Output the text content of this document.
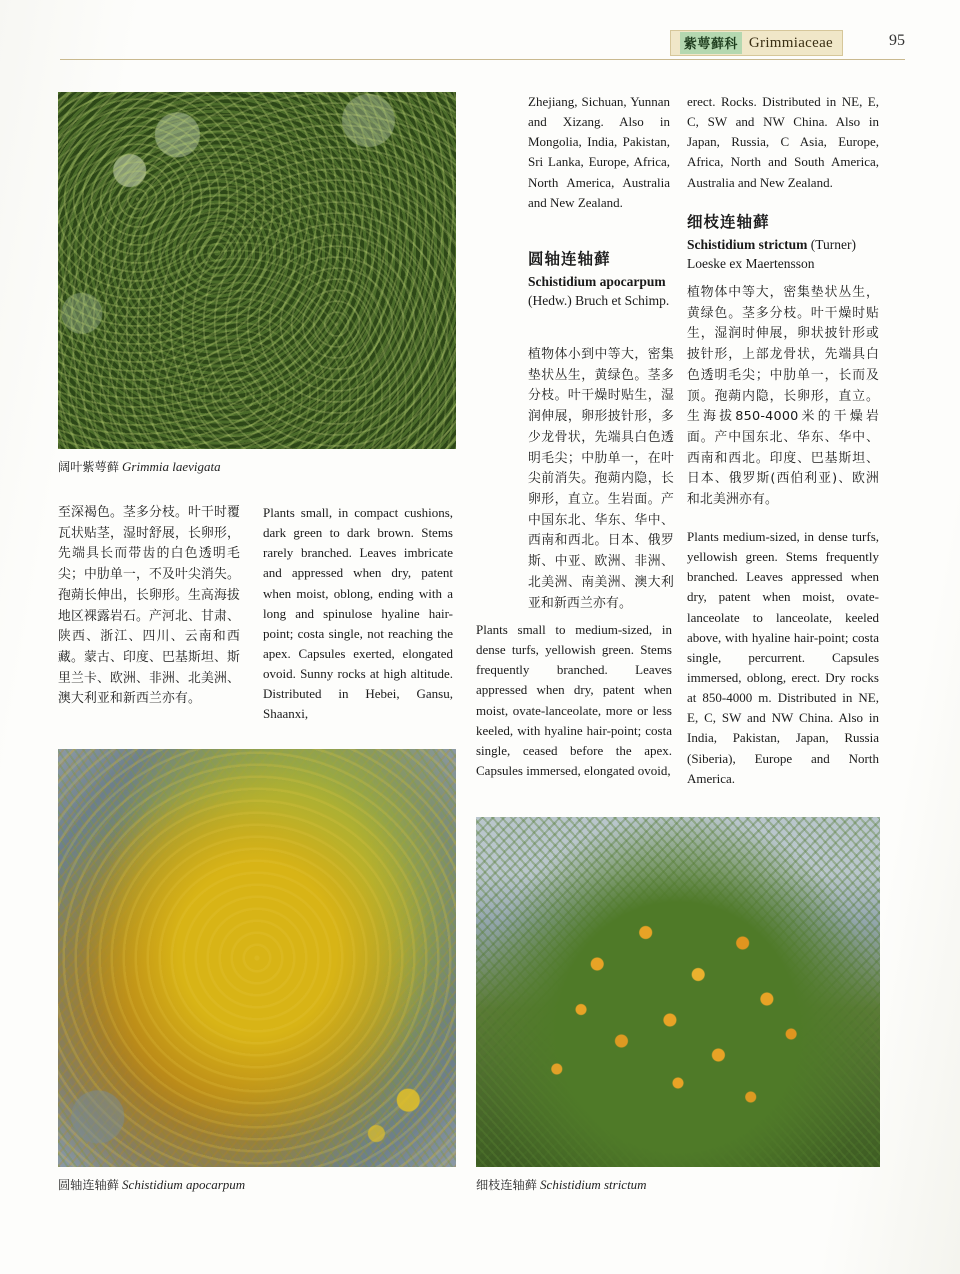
紫萼藓科 Grimmiaceae	95
阔叶紫萼藓 Grimmia laevigata
至深褐色。茎多分枝。叶干时覆瓦状贴茎，湿时舒展，长卵形，先端具长而带齿的白色透明毛尖；中肋单一，不及叶尖消失。孢蒴长伸出，长卵形。生高海拔地区裸露岩石。产河北、甘肃、陕西、浙江、四川、云南和西藏。蒙古、印度、巴基斯坦、斯里兰卡、欧洲、非洲、北美洲、澳大利亚和新西兰亦有。
Plants small, in compact cushions, dark green to dark brown. Stems rarely branched. Leaves imbricate and appressed when dry, patent when moist, oblong, ending with a long and spinulose hyaline hair-point; costa single, not reaching the apex. Capsules exerted, elongated ovoid. Sunny rocks at high altitude. Distributed in Hebei, Gansu, Shaanxi,
Zhejiang, Sichuan, Yunnan and Xizang. Also in Mongolia, India, Pakistan, Sri Lanka, Europe, Africa, North America, Australia and New Zealand.
圆轴连轴藓
Schistidium apocarpum (Hedw.) Bruch et Schimp.
植物体小到中等大，密集垫状丛生，黄绿色。茎多分枝。叶干燥时贴生，湿润伸展，卵形披针形，多少龙骨状，先端具白色透明毛尖；中肋单一，在叶尖前消失。孢蒴内隐，长卵形，直立。生岩面。产中国东北、华东、华中、西南和西北。日本、俄罗斯、中亚、欧洲、非洲、北美洲、南美洲、澳大利亚和新西兰亦有。
Plants small to medium-sized, in dense turfs, yellowish green. Stems frequently branched. Leaves appressed when dry, patent when moist, ovate-lanceolate, more or less keeled, with hyaline hair-point; costa single, ceased before the apex. Capsules immersed, elongated ovoid,
erect. Rocks. Distributed in NE, E, C, SW and NW China. Also in Japan, Russia, C Asia, Europe, Africa, North and South America, Australia and New Zealand.
细枝连轴藓
Schistidium strictum (Turner) Loeske ex Maertensson
植物体中等大，密集垫状丛生，黄绿色。茎多分枝。叶干燥时贴生，湿润时伸展，卵状披针形或披针形，上部龙骨状，先端具白色透明毛尖；中肋单一，长而及顶。孢蒴内隐，长卵形，直立。生海拔850-4000米的干燥岩面。产中国东北、华东、华中、西南和西北。印度、巴基斯坦、日本、俄罗斯(西伯利亚)、欧洲和北美洲亦有。
Plants medium-sized, in dense turfs, yellowish green. Stems frequently branched. Leaves appressed when dry, patent when moist, ovate-lanceolate to lanceolate, keeled above, with hyaline hair-point; costa single, percurrent. Capsules immersed, oblong, erect. Dry rocks at 850-4000 m. Distributed in NE, E, C, SW and NW China. Also in India, Pakistan, Japan, Russia (Siberia), Europe and North America.
圆轴连轴藓 Schistidium apocarpum	细枝连轴藓 Schistidium strictum
